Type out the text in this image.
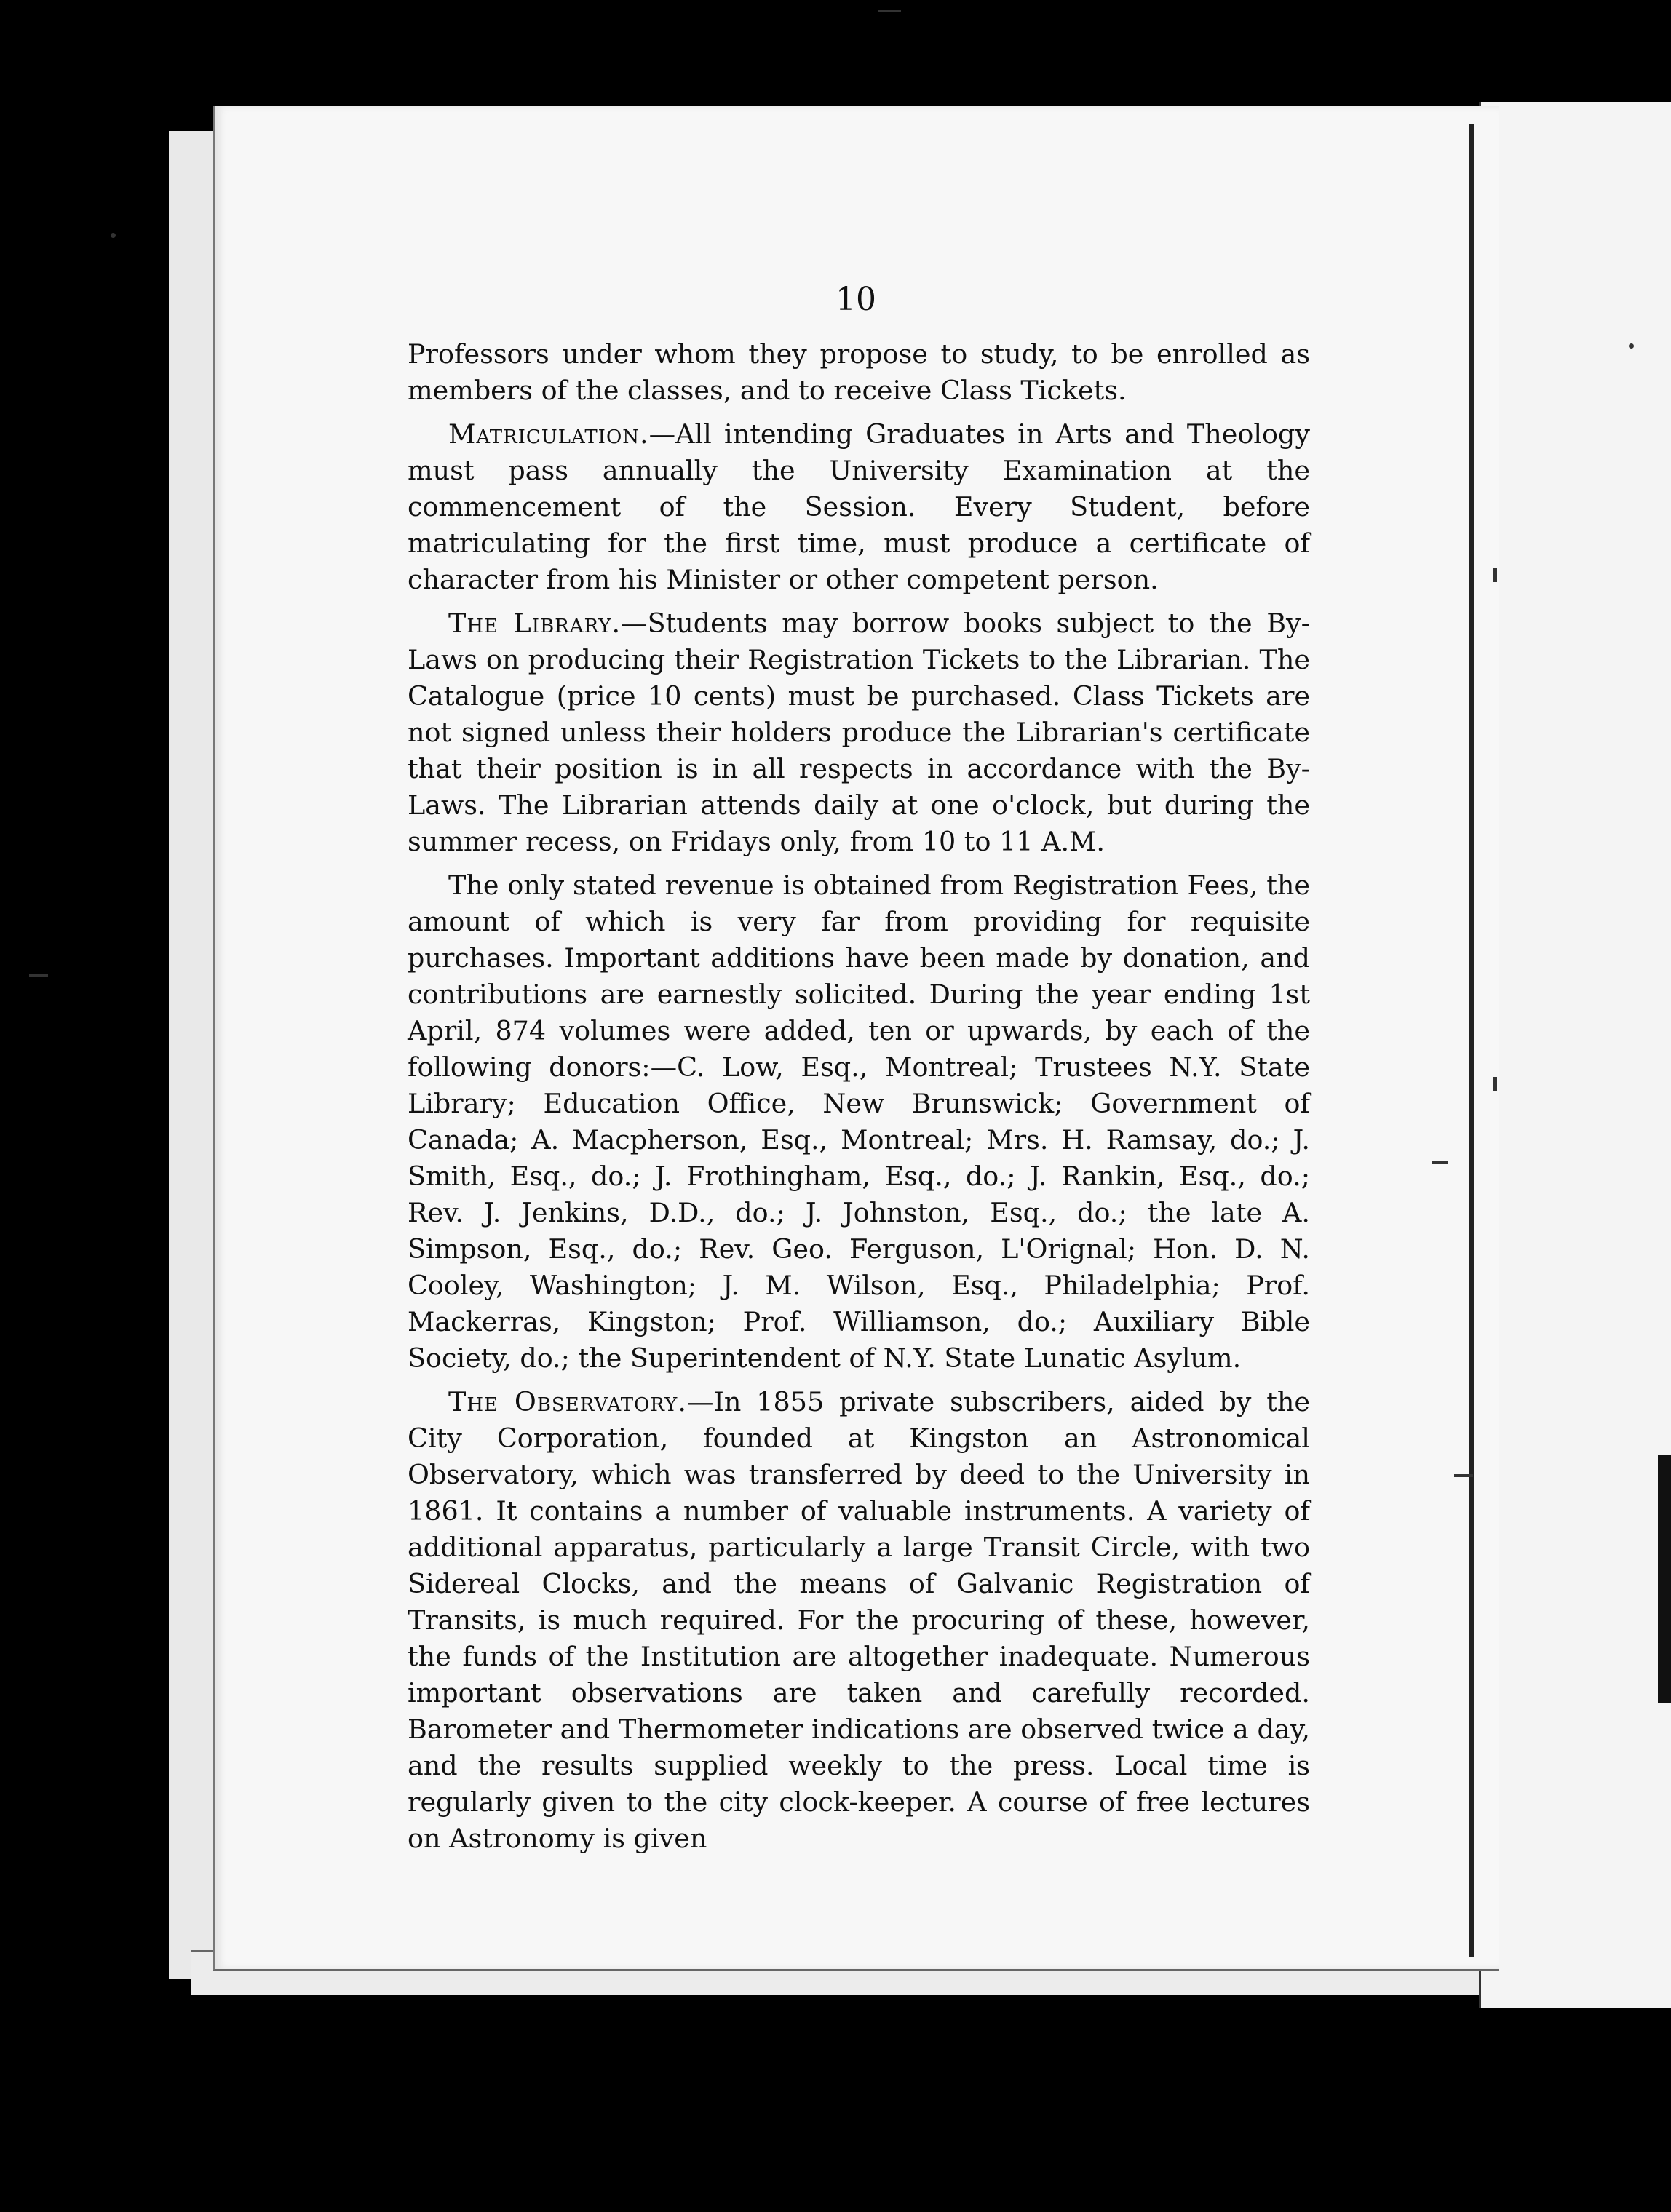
10

Professors under whom they propose to study, to be enrolled as members of the classes, and to receive Class Tickets.

Matriculation.—All intending Graduates in Arts and Theology must pass annually the University Examination at the commencement of the Session. Every Student, before matriculating for the first time, must produce a certificate of character from his Minister or other competent person.

The Library.—Students may borrow books subject to the By-Laws on producing their Registration Tickets to the Librarian. The Catalogue (price 10 cents) must be purchased. Class Tickets are not signed unless their holders produce the Librarian's certificate that their position is in all respects in accordance with the By-Laws. The Librarian attends daily at one o'clock, but during the summer recess, on Fridays only, from 10 to 11 A.M.

The only stated revenue is obtained from Registration Fees, the amount of which is very far from providing for requisite purchases. Important additions have been made by donation, and contributions are earnestly solicited. During the year ending 1st April, 874 volumes were added, ten or upwards, by each of the following donors:—C. Low, Esq., Montreal; Trustees N.Y. State Library; Education Office, New Brunswick; Government of Canada; A. Macpherson, Esq., Montreal; Mrs. H. Ramsay, do.; J. Smith, Esq., do.; J. Frothingham, Esq., do.; J. Rankin, Esq., do.; Rev. J. Jenkins, D.D., do.; J. Johnston, Esq., do.; the late A. Simpson, Esq., do.; Rev. Geo. Ferguson, L'Orignal; Hon. D. N. Cooley, Washington; J. M. Wilson, Esq., Philadelphia; Prof. Mackerras, Kingston; Prof. Williamson, do.; Auxiliary Bible Society, do.; the Superintendent of N.Y. State Lunatic Asylum.

The Observatory.—In 1855 private subscribers, aided by the City Corporation, founded at Kingston an Astronomical Observatory, which was transferred by deed to the University in 1861. It contains a number of valuable instruments. A variety of additional apparatus, particularly a large Transit Circle, with two Sidereal Clocks, and the means of Galvanic Registration of Transits, is much required. For the procuring of these, however, the funds of the Institution are altogether inadequate. Numerous important observations are taken and carefully recorded. Barometer and Thermometer indications are observed twice a day, and the results supplied weekly to the press. Local time is regularly given to the city clock-keeper. A course of free lectures on Astronomy is given
